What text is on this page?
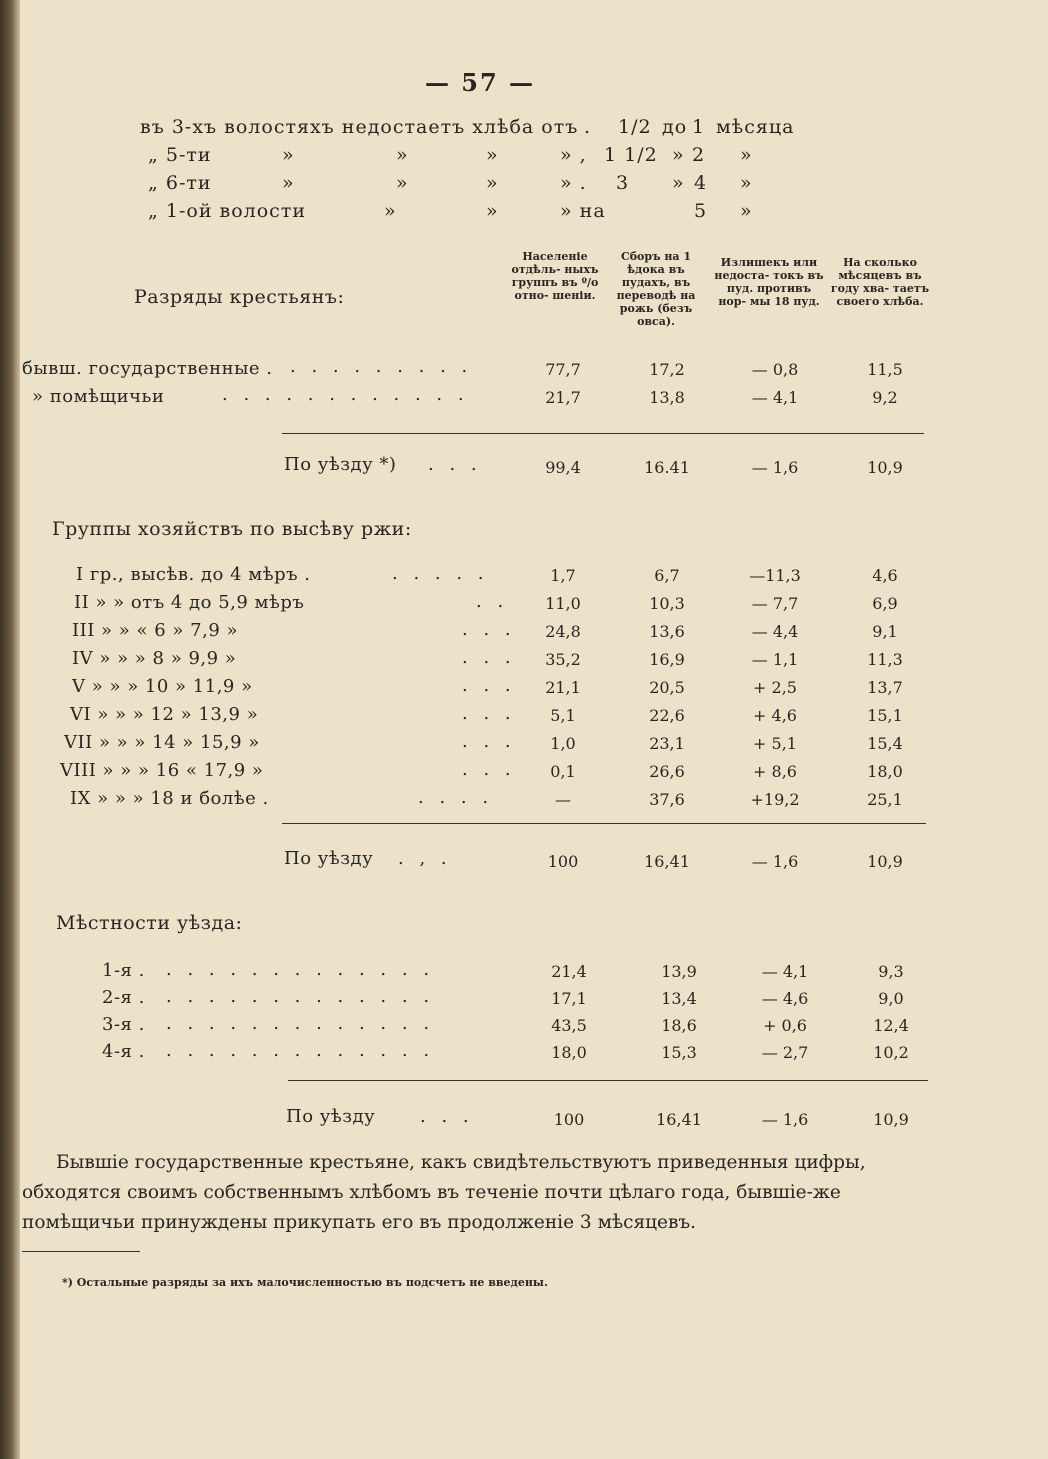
— 57 —
въ 3-хъ волостяхъ недостаетъ хлѣба отъ . 1/2 до 1 мѣсяца
„ 5-ти	»	»	»	» , 1 1/2 » 2 »
„ 6-ти	»	»	»	» . 3 » 4 »
„ 1-ой волости	»	»	» на	5 »
Разряды крестьянъ:
Населеніе отдѣль- ныхъ группъ въ º/о отно- шеніи.
Сборъ на 1 ѣдока въ пудахъ, въ переводѣ на рожь (безъ овса).
Излишекъ или недоста- токъ въ пуд. противъ нор- мы 18 пуд.
На сколько мѣсяцевъ въ году хва- таетъ своего хлѣба.
бывш. государственные . . . . . . . . . .	77,7	17,2	— 0,8	11,5
» помѣщичьи	. . . . . . . . . . . .	21,7	13,8	— 4,1	9,2
По уѣзду *) . . .	99,4	16.41	— 1,6	10,9
Группы хозяйствъ по высѣву ржи:
I гр., высѣв. до 4 мѣръ .	. . . . .	1,7	6,7	—11,3	4,6
II » » отъ 4 до 5,9 мѣръ	. .	11,0	10,3	— 7,7	6,9
III » » « 6 » 7,9 »	. . .	24,8	13,6	— 4,4	9,1
IV » » » 8 » 9,9 »	. . .	35,2	16,9	— 1,1	11,3
V » » » 10 » 11,9 »	. . .	21,1	20,5	+ 2,5	13,7
VI » » » 12 » 13,9 »	. . .	5,1	22,6	+ 4,6	15,1
VII » » » 14 » 15,9 »	. . .	1,0	23,1	+ 5,1	15,4
VIII » » » 16 « 17,9 »	. . .	0,1	26,6	+ 8,6	18,0
IX » » » 18 и болѣе .	. . . .	—	37,6	+19,2	25,1
По уѣзду . , .	100	16,41	— 1,6	10,9
Мѣстности уѣзда:
1-я . . . . . . . . . . . . . .	21,4	13,9	— 4,1	9,3
2-я . . . . . . . . . . . . . .	17,1	13,4	— 4,6	9,0
3-я . . . . . . . . . . . . . .	43,5	18,6	+ 0,6	12,4
4-я . . . . . . . . . . . . . .	18,0	15,3	— 2,7	10,2
По уѣзду . . .	100	16,41	— 1,6	10,9
Бывшіе государственные крестьяне, какъ свидѣтельствуютъ приведенныя цифры,
обходятся своимъ собственнымъ хлѣбомъ въ теченіе почти цѣлаго года, бывшіе-же
помѣщичьи принуждены прикупать его въ продолженіе 3 мѣсяцевъ.
*) Остальные разряды за ихъ малочисленностью въ подсчетъ не введены.
